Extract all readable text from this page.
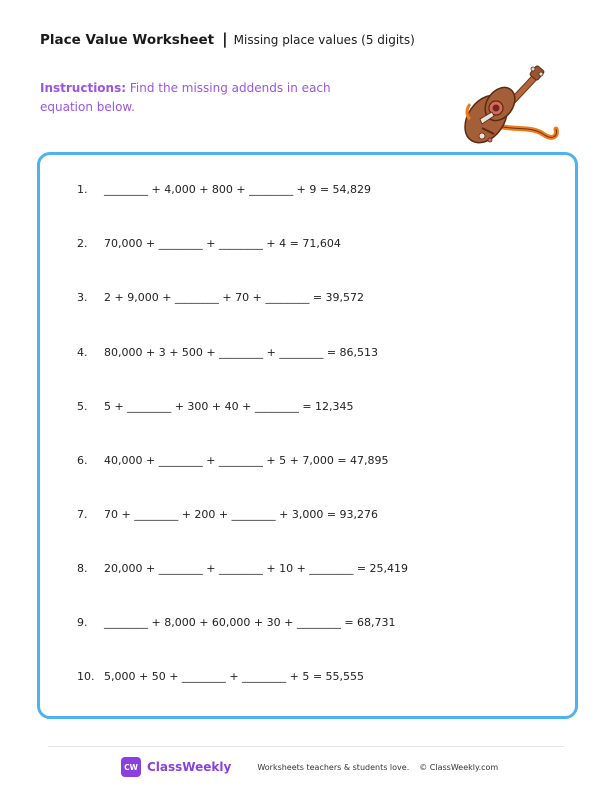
Place Value Worksheet | Missing place values (5 digits)
Instructions: Find the missing addends in each equation below.
1.	________ + 4,000 + 800 + ________ + 9 = 54,829
2.	70,000 + ________ + ________ + 4 = 71,604
3.	2 + 9,000 + ________ + 70 + ________ = 39,572
4.	80,000 + 3 + 500 + ________ + ________ = 86,513
5.	5 + ________ + 300 + 40 + ________ = 12,345
6.	40,000 + ________ + ________ + 5 + 7,000 = 47,895
7.	70 + ________ + 200 + ________ + 3,000 = 93,276
8.	20,000 + ________ + ________ + 10 + ________ = 25,419
9.	________ + 8,000 + 60,000 + 30 + ________ = 68,731
10. 5,000 + 50 + ________ + ________ + 5 = 55,555
CW ClassWeekly	Worksheets teachers & students love. © ClassWeekly.com
